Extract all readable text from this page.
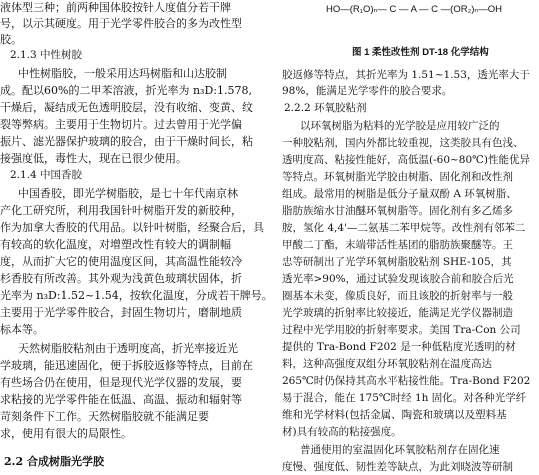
液体型三种；前两种国体胶按针人度值分若干牌
号，以示其硬度。用于光学零件胶合的多为改性型
胶。
2.1.3 中性树胶
中性树脂胶，一般采用达玛树脂和山达胶制
成。配以60%的二甲苯溶液，折光率为 n₃D:1.578,
干燥后，凝结成无色透明胶层，没有收缩、变黄、纹
裂等弊病。主要用于生物切片。过去曾用于光学偏
振片、滤光器保护玻璃的胶合，由于干燥时间长，粘
接强度低，毒性大，现在已很少使用。
2.1.4 中国香胶
中国香胶，即光学树脂胶，是七十年代南京林
产化工研究所，利用我国针叶树脂开发的新胶种，
作为加拿大香胶的代用品。以针叶树脂，经聚合后，具
有较高的软化温度，对增塑改性有较大的调制幅
度，从而扩大它的使用温度区间，其高温性能较冷
杉香胶有所改善。其外观为浅黄色玻璃状固体，折
光率为 n₃D:1.52~1.54，按软化温度，分成若干牌号。
主要用于光学零件胶合，封固生物切片，磨制地质
标本等。
天然树脂胶粘剂由于透明度高，折光率接近光
学玻璃，能迅速固化，便于拆胶返修等特点，目前在
有些场合仍在使用，但是现代光学仪器的发展，要
求粘接的光学零件能在低温、高温、振动和辐射等
苛刻条件下工作。天然树脂胶就不能满足要
求，使用有很大的局限性。
2.2 合成树脂光学胶
HO—(R₁O)ₙ— C — A — C —(OR₂)ₙ—OH
图 1 柔性改性剂 DT-18 化学结构
胶返修等特点，其折光率为 1.51~1.53，透光率大于
98%，能满足光学零件的胶合要求。
2.2.2 环氧胶粘剂
以环氧树脂为粘料的光学胶是应用较广泛的
一种胶粘剂，国内外都比较重视，这类胶具有色浅、
透明度高、粘接性能好，高低温(-60~80℃)性能优异
等特点。环氧树脂光学胶由树脂、固化剂和改性剂
组成。最常用的树脂是低分子量双酚 A 环氧树脂、
脂肪族缩水甘油醚环氧树脂等。固化剂有多乙烯多
胺，氢化 4,4'—二氨基二苯甲烷等。改性剂有邻苯二
甲酸二丁酯，末端带活性基团的脂肪族聚醚等。王
忠等研制出了光学环氧树脂胶粘剂 SHE-105，其
透光率>90%，通过试验发现该胶合前和胶合后光
圈基本未变，像质良好，而且该胶的折射率与一般
光学玻璃的折射率比较接近，能满足光学仪器制造
过程中光学用胶的折射率要求。美国 Tra-Con 公司
提供的 Tra-Bond F202 是一种低粘度光透明的材
料，这种高强度双组分环氧胶粘剂在温度高达
265℃时仍保持其高水平粘接性能。Tra-Bond F202
易于混合，能在 175℃时经 1h 固化。对各种光学纤
维和光学材料(包括金属、陶瓷和玻璃以及塑料基
材)具有较高的粘接强度。
普通使用的室温固化环氧胶粘剂存在固化速
度慢、强度低、韧性差等缺点，为此刘晓波等研制
